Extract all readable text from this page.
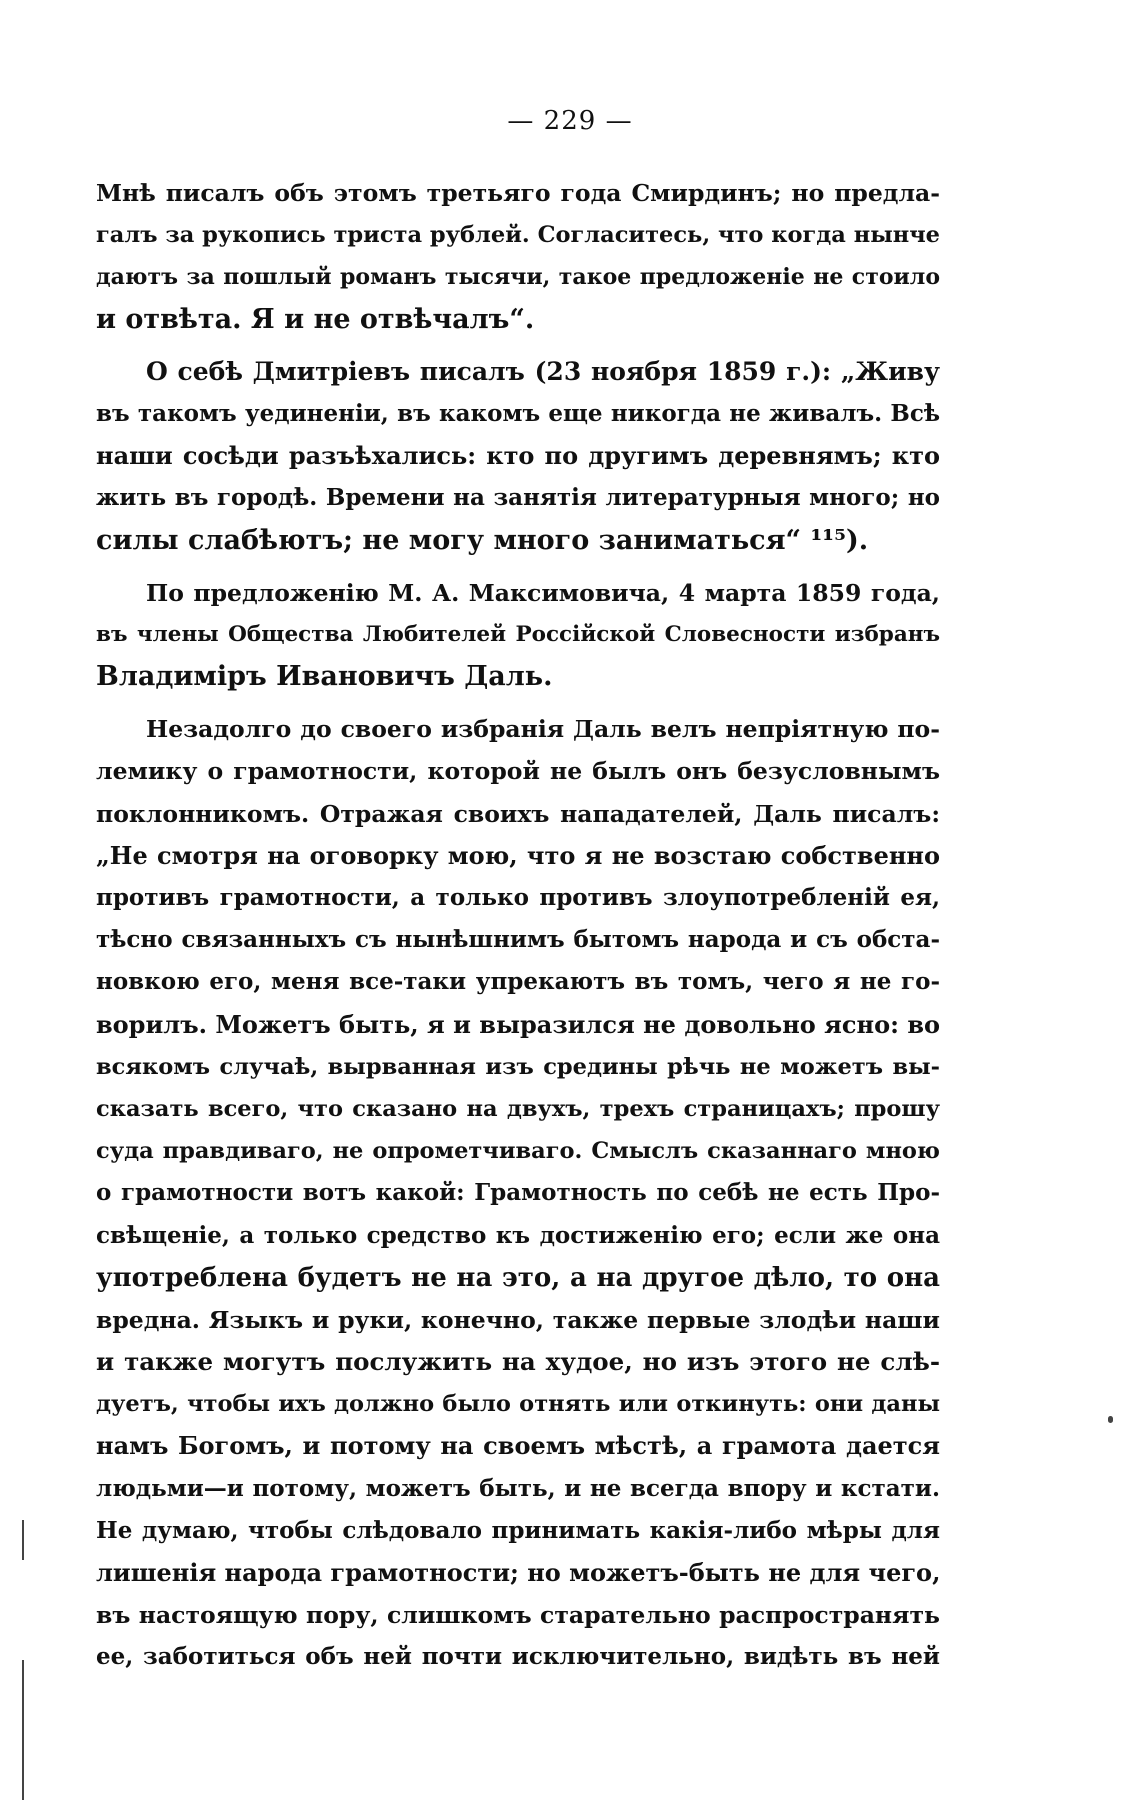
— 229 —
Мнѣ писалъ объ этомъ третьяго года Смирдинъ; но предла-
галъ за рукопись триста рублей. Согласитесь, что когда нынче
даютъ за пошлый романъ тысячи, такое предложеніе не стоило
и отвѣта. Я и не отвѣчалъ“.
О себѣ Дмитріевъ писалъ (23 ноября 1859 г.): „Живу
въ такомъ уединеніи, въ какомъ еще никогда не живалъ. Всѣ
наши сосѣди разъѣхались: кто по другимъ деревнямъ; кто
жить въ городѣ. Времени на занятія литературныя много; но
силы слабѣютъ; не могу много заниматься“ ¹¹⁵).
По предложенію М. А. Максимовича, 4 марта 1859 года,
въ члены Общества Любителей Россійской Словесности избранъ
Владиміръ Ивановичъ Даль.
Незадолго до своего избранія Даль велъ непріятную по-
лемику о грамотности, которой не былъ онъ безусловнымъ
поклонникомъ. Отражая своихъ нападателей, Даль писалъ:
„Не смотря на оговорку мою, что я не возстаю собственно
противъ грамотности, а только противъ злоупотребленій ея,
тѣсно связанныхъ съ нынѣшнимъ бытомъ народа и съ обста-
новкою его, меня все-таки упрекаютъ въ томъ, чего я не го-
ворилъ. Можетъ быть, я и выразился не довольно ясно: во
всякомъ случаѣ, вырванная изъ средины рѣчь не можетъ вы-
сказать всего, что сказано на двухъ, трехъ страницахъ; прошу
суда правдиваго, не опрометчиваго. Смыслъ сказаннаго мною
о грамотности вотъ какой: Грамотность по себѣ не есть Про-
свѣщеніе, а только средство къ достиженію его; если же она
употреблена будетъ не на это, а на другое дѣло, то она
вредна. Языкъ и руки, конечно, также первые злодѣи наши
и также могутъ послужить на худое, но изъ этого не слѣ-
дуетъ, чтобы ихъ должно было отнять или откинуть: они даны
намъ Богомъ, и потому на своемъ мѣстѣ, а грамота дается
людьми—и потому, можетъ быть, и не всегда впору и кстати.
Не думаю, чтобы слѣдовало принимать какія-либо мѣры для
лишенія народа грамотности; но можетъ-быть не для чего,
въ настоящую пору, слишкомъ старательно распространять
ее, заботиться объ ней почти исключительно, видѣть въ ней
